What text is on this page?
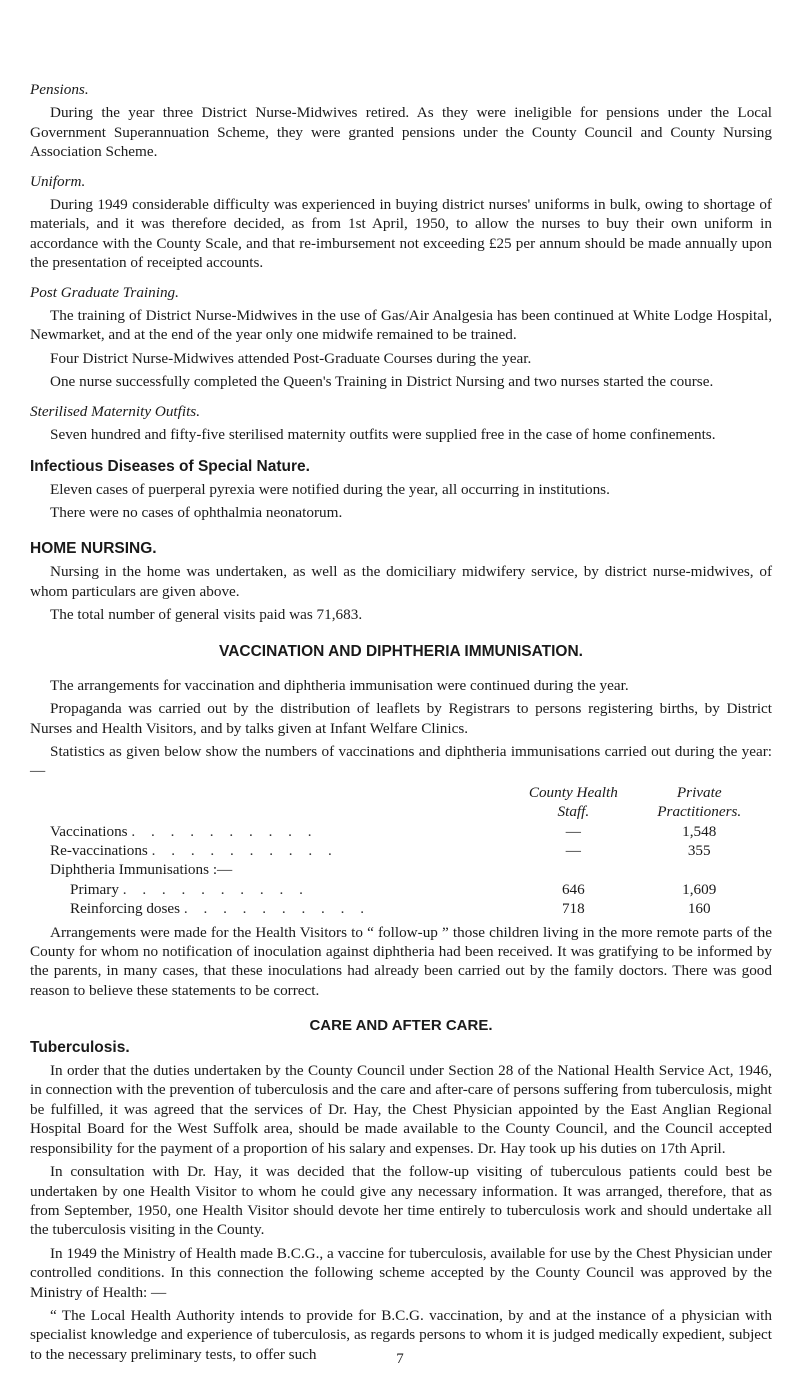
Pensions.

During the year three District Nurse-Midwives retired. As they were ineligible for pensions under the Local Government Superannuation Scheme, they were granted pensions under the County Council and County Nursing Association Scheme.

Uniform.

During 1949 considerable difficulty was experienced in buying district nurses' uniforms in bulk, owing to shortage of materials, and it was therefore decided, as from 1st April, 1950, to allow the nurses to buy their own uniform in accordance with the County Scale, and that re-imbursement not exceeding £25 per annum should be made annually upon the presentation of receipted accounts.

Post Graduate Training.

The training of District Nurse-Midwives in the use of Gas/Air Analgesia has been continued at White Lodge Hospital, Newmarket, and at the end of the year only one midwife remained to be trained.

Four District Nurse-Midwives attended Post-Graduate Courses during the year.

One nurse successfully completed the Queen's Training in District Nursing and two nurses started the course.

Sterilised Maternity Outfits.

Seven hundred and fifty-five sterilised maternity outfits were supplied free in the case of home confinements.

Infectious Diseases of Special Nature.

Eleven cases of puerperal pyrexia were notified during the year, all occurring in institutions.

There were no cases of ophthalmia neonatorum.

HOME NURSING.

Nursing in the home was undertaken, as well as the domiciliary midwifery service, by district nurse-midwives, of whom particulars are given above.

The total number of general visits paid was 71,683.

VACCINATION AND DIPHTHERIA IMMUNISATION.

The arrangements for vaccination and diphtheria immunisation were continued during the year.

Propaganda was carried out by the distribution of leaflets by Registrars to persons registering births, by District Nurses and Health Visitors, and by talks given at Infant Welfare Clinics.

Statistics as given below show the numbers of vaccinations and diphtheria immunisations carried out during the year: —

	County Health	Private
	Staff.	Practitioners.
Vaccinations . . . . . . . . . .	—	1,548
Re-vaccinations . . . . . . . . . .	—	355
Diphtheria Immunisations :—		
Primary . . . . . . . . . .	646	1,609
Reinforcing doses . . . . . . . . . .	718	160

Arrangements were made for the Health Visitors to “ follow-up ” those children living in the more remote parts of the County for whom no notification of inoculation against diphtheria had been received. It was gratifying to be informed by the parents, in many cases, that these inoculations had already been carried out by the family doctors. There was good reason to believe these statements to be correct.

CARE AND AFTER CARE.

Tuberculosis.

In order that the duties undertaken by the County Council under Section 28 of the National Health Service Act, 1946, in connection with the prevention of tuberculosis and the care and after-care of persons suffering from tuberculosis, might be fulfilled, it was agreed that the services of Dr. Hay, the Chest Physician appointed by the East Anglian Regional Hospital Board for the West Suffolk area, should be made available to the County Council, and the Council accepted responsibility for the payment of a proportion of his salary and expenses. Dr. Hay took up his duties on 17th April.

In consultation with Dr. Hay, it was decided that the follow-up visiting of tuberculous patients could best be undertaken by one Health Visitor to whom he could give any necessary information. It was arranged, therefore, that as from September, 1950, one Health Visitor should devote her time entirely to tuberculosis work and should undertake all the tuberculosis visiting in the County.

In 1949 the Ministry of Health made B.C.G., a vaccine for tuberculosis, available for use by the Chest Physician under controlled conditions. In this connection the following scheme accepted by the County Council was approved by the Ministry of Health: —

“ The Local Health Authority intends to provide for B.C.G. vaccination, by and at the instance of a physician with specialist knowledge and experience of tuberculosis, as regards persons to whom it is judged medically expedient, subject to the necessary preliminary tests, to offer such	7
